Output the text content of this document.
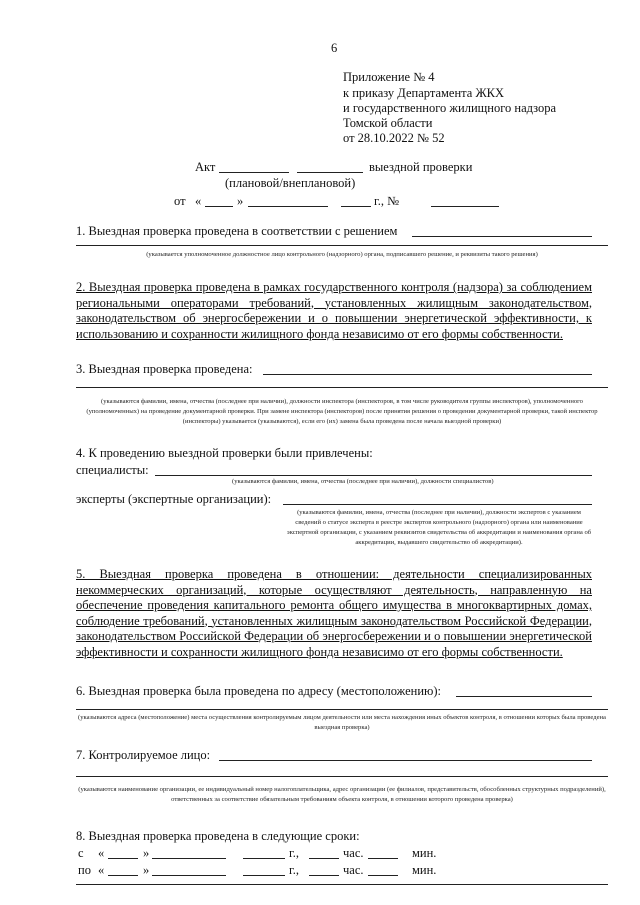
6
Приложение № 4
к приказу Департамента ЖКХ
и государственного жилищного надзора
Томской области
от 28.10.2022 № 52
Акт	выездной проверки
(плановой/внеплановой)
от «	»	г., №
1. Выездная проверка проведена в соответствии с решением
(указывается уполномоченное должностное лицо контрольного (надзорного) органа, подписавшего решение, и реквизиты такого решения)
2. Выездная проверка проведена в рамках государственного контроля (надзора) за соблюдением региональными операторами требований, установленных жилищным законодательством, законодательством об энергосбережении и о повышении энергетической эффективности, к использованию и сохранности жилищного фонда независимо от его формы собственности.
3. Выездная проверка проведена:
(указываются фамилии, имена, отчества (последнее при наличии), должности инспектора (инспекторов, в том числе руководителя группы инспекторов), уполномоченного (уполномоченных) на проведение документарной проверки. При замене инспектора (инспекторов) после принятия решения о проведении документарной проверки, такой инспектор (инспекторы) указывается (указываются), если его (их) замена была проведена после начала выездной проверки)
4. К проведению выездной проверки были привлечены:
специалисты:
(указываются фамилии, имена, отчества (последнее при наличии), должности специалистов)
эксперты (экспертные организации):
(указываются фамилии, имена, отчества (последнее при наличии), должности экспертов с указанием сведений о статусе эксперта в реестре экспертов контрольного (надзорного) органа или наименование экспертной организации, с указанием реквизитов свидетельства об аккредитации и наименования органа об аккредитации, выдавшего свидетельство об аккредитации).
5. Выездная проверка проведена в отношении: деятельности специализированных некоммерческих организаций, которые осуществляют деятельность, направленную на обеспечение проведения капитального ремонта общего имущества в многоквартирных домах, соблюдение требований, установленных жилищным законодательством Российской Федерации, законодательством Российской Федерации об энергосбережении и о повышении энергетической эффективности и сохранности жилищного фонда независимо от его формы собственности.
6. Выездная проверка была проведена по адресу (местоположению):
(указываются адреса (местоположение) места осуществления контролируемым лицом деятельности или места нахождения иных объектов контроля, в отношении которых была проведена выездная проверка)
7. Контролируемое лицо:
(указываются наименование организации, ее индивидуальный номер налогоплательщика, адрес организации (ее филиалов, представительств, обособленных структурных подразделений), ответственных за соответствие обязательным требованиям объекта контроля, в отношении которого проведена проверка)
8. Выездная проверка проведена в следующие сроки:
с «	»	г.,	час.	мин.
по «	»	г.,	час.	мин.
